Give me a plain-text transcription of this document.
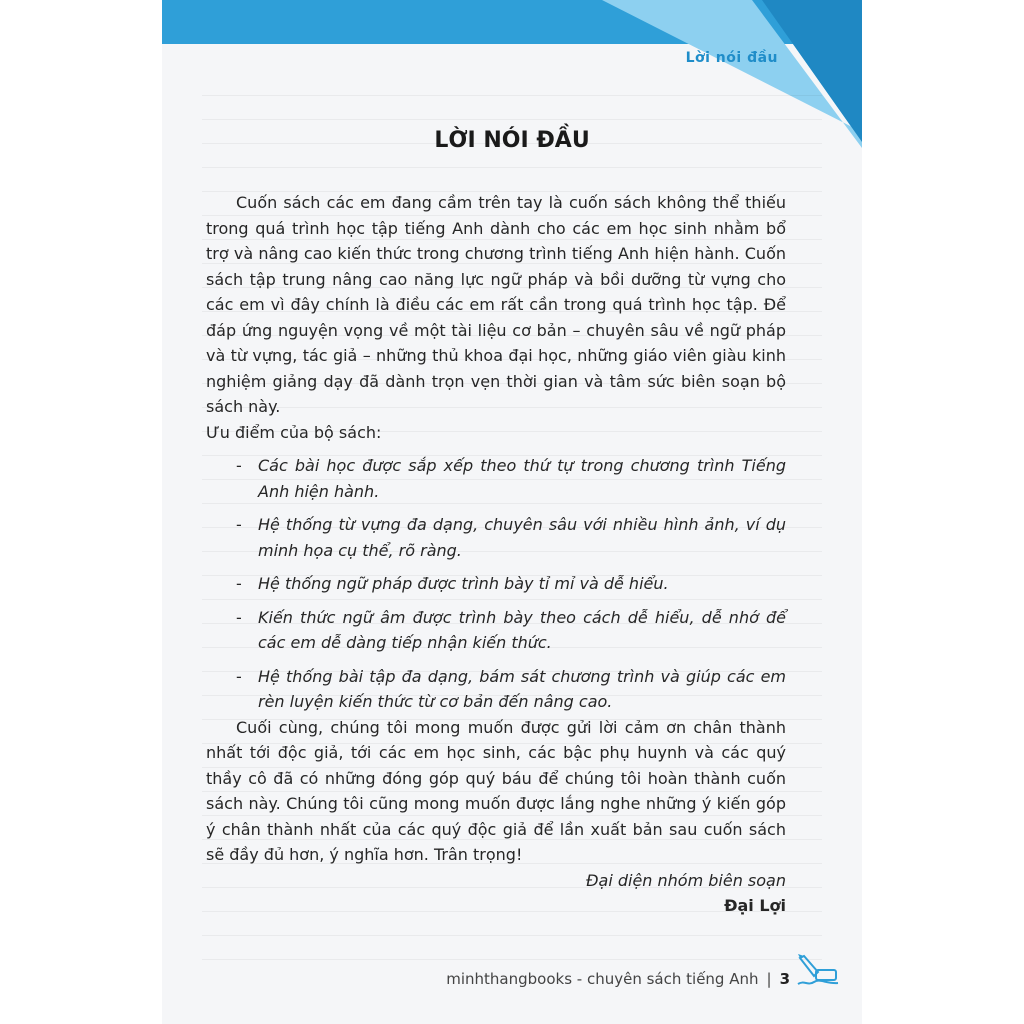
Lời nói đầu
LỜI NÓI ĐẦU

Cuốn sách các em đang cầm trên tay là cuốn sách không thể thiếu trong quá trình học tập tiếng Anh dành cho các em học sinh nhằm bổ trợ và nâng cao kiến thức trong chương trình tiếng Anh hiện hành. Cuốn sách tập trung nâng cao năng lực ngữ pháp và bồi dưỡng từ vựng cho các em vì đây chính là điều các em rất cần trong quá trình học tập. Để đáp ứng nguyện vọng về một tài liệu cơ bản – chuyên sâu về ngữ pháp và từ vựng, tác giả – những thủ khoa đại học, những giáo viên giàu kinh nghiệm giảng dạy đã dành trọn vẹn thời gian và tâm sức biên soạn bộ sách này.

Ưu điểm của bộ sách:

- Các bài học được sắp xếp theo thứ tự trong chương trình Tiếng Anh hiện hành.
- Hệ thống từ vựng đa dạng, chuyên sâu với nhiều hình ảnh, ví dụ minh họa cụ thể, rõ ràng.
- Hệ thống ngữ pháp được trình bày tỉ mỉ và dễ hiểu.
- Kiến thức ngữ âm được trình bày theo cách dễ hiểu, dễ nhớ để các em dễ dàng tiếp nhận kiến thức.
- Hệ thống bài tập đa dạng, bám sát chương trình và giúp các em rèn luyện kiến thức từ cơ bản đến nâng cao.

Cuối cùng, chúng tôi mong muốn được gửi lời cảm ơn chân thành nhất tới độc giả, tới các em học sinh, các bậc phụ huynh và các quý thầy cô đã có những đóng góp quý báu để chúng tôi hoàn thành cuốn sách này. Chúng tôi cũng mong muốn được lắng nghe những ý kiến góp ý chân thành nhất của các quý độc giả để lần xuất bản sau cuốn sách sẽ đầy đủ hơn, ý nghĩa hơn. Trân trọng!

Đại diện nhóm biên soạn

Đại Lợi

minhthangbooks - chuyên sách tiếng Anh | 3
